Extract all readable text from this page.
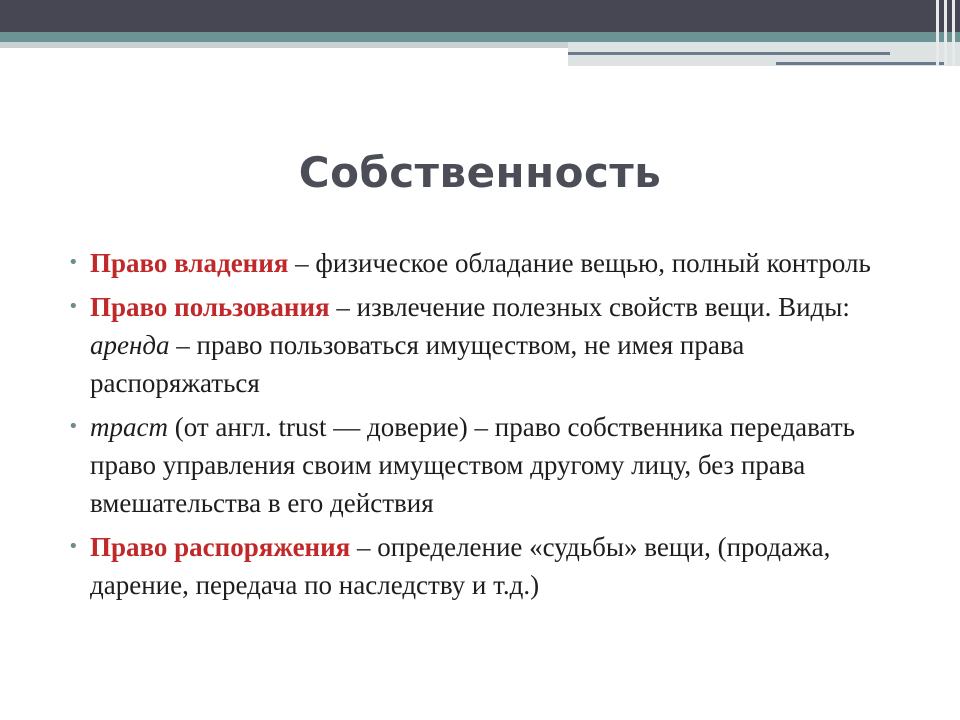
Собственность
• Право владения – физическое обладание вещью, полный контроль
• Право пользования – извлечение полезных свойств вещи. Виды: аренда – право пользоваться имуществом, не имея права распоряжаться
• траст (от англ. trust — доверие) – право собственника передавать право управления своим имуществом другому лицу, без права вмешательства в его действия
• Право распоряжения – определение «судьбы» вещи, (продажа, дарение, передача по наследству и т.д.)
